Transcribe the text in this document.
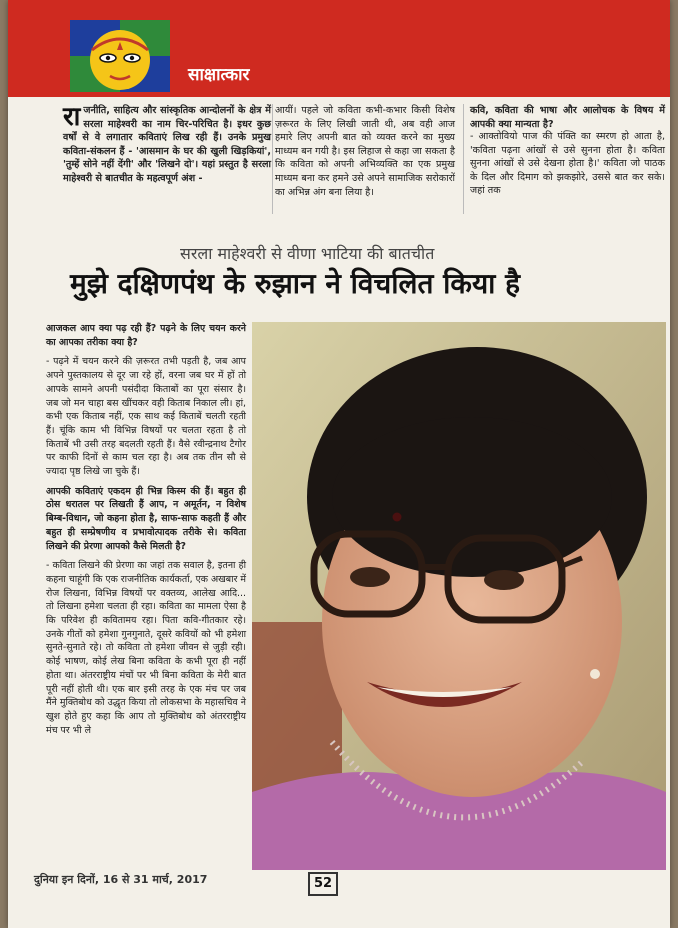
साक्षात्कार

राजनीति, साहित्य और सांस्कृतिक आन्दोलनों के क्षेत्र में सरला माहेश्वरी का नाम चिर-परिचित है। इधर कुछ वर्षों से वे लगातार कविताएं लिख रही हैं। उनके प्रमुख कविता-संकलन हैं - 'आसमान के घर की खुली खिड़कियां', 'तुम्हें सोने नहीं देंगी' और 'लिखने दो'। यहां प्रस्तुत है सरला माहेश्वरी से बातचीत के महत्वपूर्ण अंश -

आयीं। पहले जो कविता कभी-कभार किसी विशेष ज़रूरत के लिए लिखी जाती थी, अब वही आज हमारे लिए अपनी बात को व्यक्त करने का मुख्य माध्यम बन गयी है। इस लिहाज से कहा जा सकता है कि कविता को अपनी अभिव्यक्ति का एक प्रमुख माध्यम बना कर हमने उसे अपने सामाजिक सरोकारों का अभिन्न अंग बना लिया है।

कवि, कविता की भाषा और आलोचक के विषय में आपकी क्या मान्यता है?

- आक्तोवियो पाज की पंक्ति का स्मरण हो आता है, 'कविता पढ़ना आंखों से उसे सुनना होता है। कविता सुनना आंखों से उसे देखना होता है।' कविता जो पाठक के दिल और दिमाग को झकझोरे, उससे बात कर सके। जहां तक

सरला माहेश्वरी से वीणा भाटिया की बातचीत
मुझे दक्षिणपंथ के रुझान ने विचलित किया है

आजकल आप क्या पढ़ रही हैं? पढ़ने के लिए चयन करने का आपका तरीका क्या है?

- पढ़ने में चयन करने की ज़रूरत तभी पड़ती है, जब आप अपने पुस्तकालय से दूर जा रहे हों, वरना जब घर में हों तो आपके सामने अपनी पसंदीदा किताबों का पूरा संसार है। जब जो मन चाहा बस खींचकर वही किताब निकाल ली। हां, कभी एक किताब नहीं, एक साथ कई किताबें चलती रहती हैं। चूंकि काम भी विभिन्न विषयों पर चलता रहता है तो किताबें भी उसी तरह बदलती रहती हैं। वैसे रवीन्द्रनाथ टैगोर पर काफी दिनों से काम चल रहा है। अब तक तीन सौ से ज्यादा पृष्ठ लिखे जा चुके हैं।

आपकी कविताएं एकदम ही भिन्न किस्म की हैं। बहुत ही ठोस धरातल पर लिखती हैं आप, न अमूर्तन, न विशेष बिम्ब-विधान, जो कहना होता है, साफ-साफ कहती हैं और बहुत ही सम्प्रेषणीय व प्रभावोत्पादक तरीके से। कविता लिखने की प्रेरणा आपको कैसे मिलती है?

- कविता लिखने की प्रेरणा का जहां तक सवाल है, इतना ही कहना चाहूंगी कि एक राजनीतिक कार्यकर्ता, एक अखबार में रोज लिखना, विभिन्न विषयों पर वक्तव्य, आलेख आदि... तो लिखना हमेशा चलता ही रहा। कविता का मामला ऐसा है कि परिवेश ही कवितामय रहा। पिता कवि-गीतकार रहे। उनके गीतों को हमेशा गुनगुनाते, दूसरे कवियों को भी हमेशा सुनते-सुनाते रहे। तो कविता तो हमेशा जीवन से जुड़ी रही। कोई भाषण, कोई लेख बिना कविता के कभी पूरा ही नहीं होता था। अंतरराष्ट्रीय मंचों पर भी बिना कविता के मेरी बात पूरी नहीं होती थी। एक बार इसी तरह के एक मंच पर जब मैंने मुक्तिबोध को उद्धृत किया तो लोकसभा के महासचिव ने खुश होते हुए कहा कि आप तो मुक्तिबोध को अंतरराष्ट्रीय मंच पर भी ले

दुनिया इन दिनों, 16 से 31 मार्च, 2017	52
